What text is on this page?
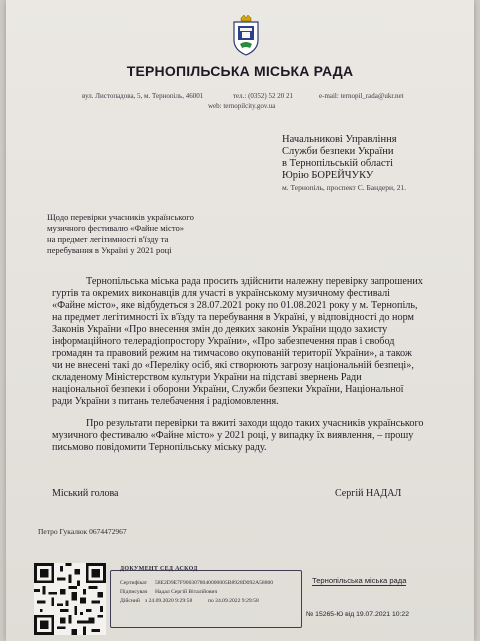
ТЕРНОПІЛЬСЬКА МІСЬКА РАДА
вул. Листопадова, 5, м. Тернопіль, 46001	тел.: (0352) 52 20 21	e-mail: ternopil_rada@ukr.net
web: ternopilcity.gov.ua
Начальникові Управління
Служби безпеки України
в Тернопільській області
Юрію БОРЕЙЧУКУ
м. Тернопіль, проспект С. Бандери, 21.
Щодо перевірки учасників українського
музичного фестивалю «Файне місто»
на предмет легітимності в'їзду та
перебування в Україні у 2021 році
Тернопільська міська рада просить здійснити належну перевірку запрошених
гуртів та окремих виконавців для участі в українському музичному фестивалі
«Файне місто», яке відбудеться з 28.07.2021 року по 01.08.2021 року у м. Тернопіль,
на предмет легітимності їх в'їзду та перебування в Україні, у відповідності до норм
Законів України «Про внесення змін до деяких законів України щодо захисту
інформаційного телерадіопростору України», «Про забезпечення прав і свобод
громадян та правовий режим на тимчасово окупованій території України», а також
чи не внесені такі до «Переліку осіб, які створюють загрозу національній безпеці»,
складеному Міністерством культури України на підставі звернень Ради
національної безпеки і оборони України, Служби безпеки України, Національної
ради України з питань телебачення і радіомовлення.
Про результати перевірки та вжиті заходи щодо таких учасників українського
музичного фестивалю «Файне місто» у 2021 році, у випадку їх виявлення, – прошу
письмово повідомити Тернопільську міську раду.
Міський голова	Сергій НАДАЛ
Петро Гукалюк 0674472967
ДОКУМЕНТ СЕД АСКОД
Сертифікат 58E2D9E7F9003078040000005B8928D092A58800
Підписувач Надал Сергій Віталійович
Дійсний з 24.09.2020 9:29:58	по 24.09.2022 9:29:58
Тернопільська міська рада
№ 15265-Ю від 19.07.2021 10:22
